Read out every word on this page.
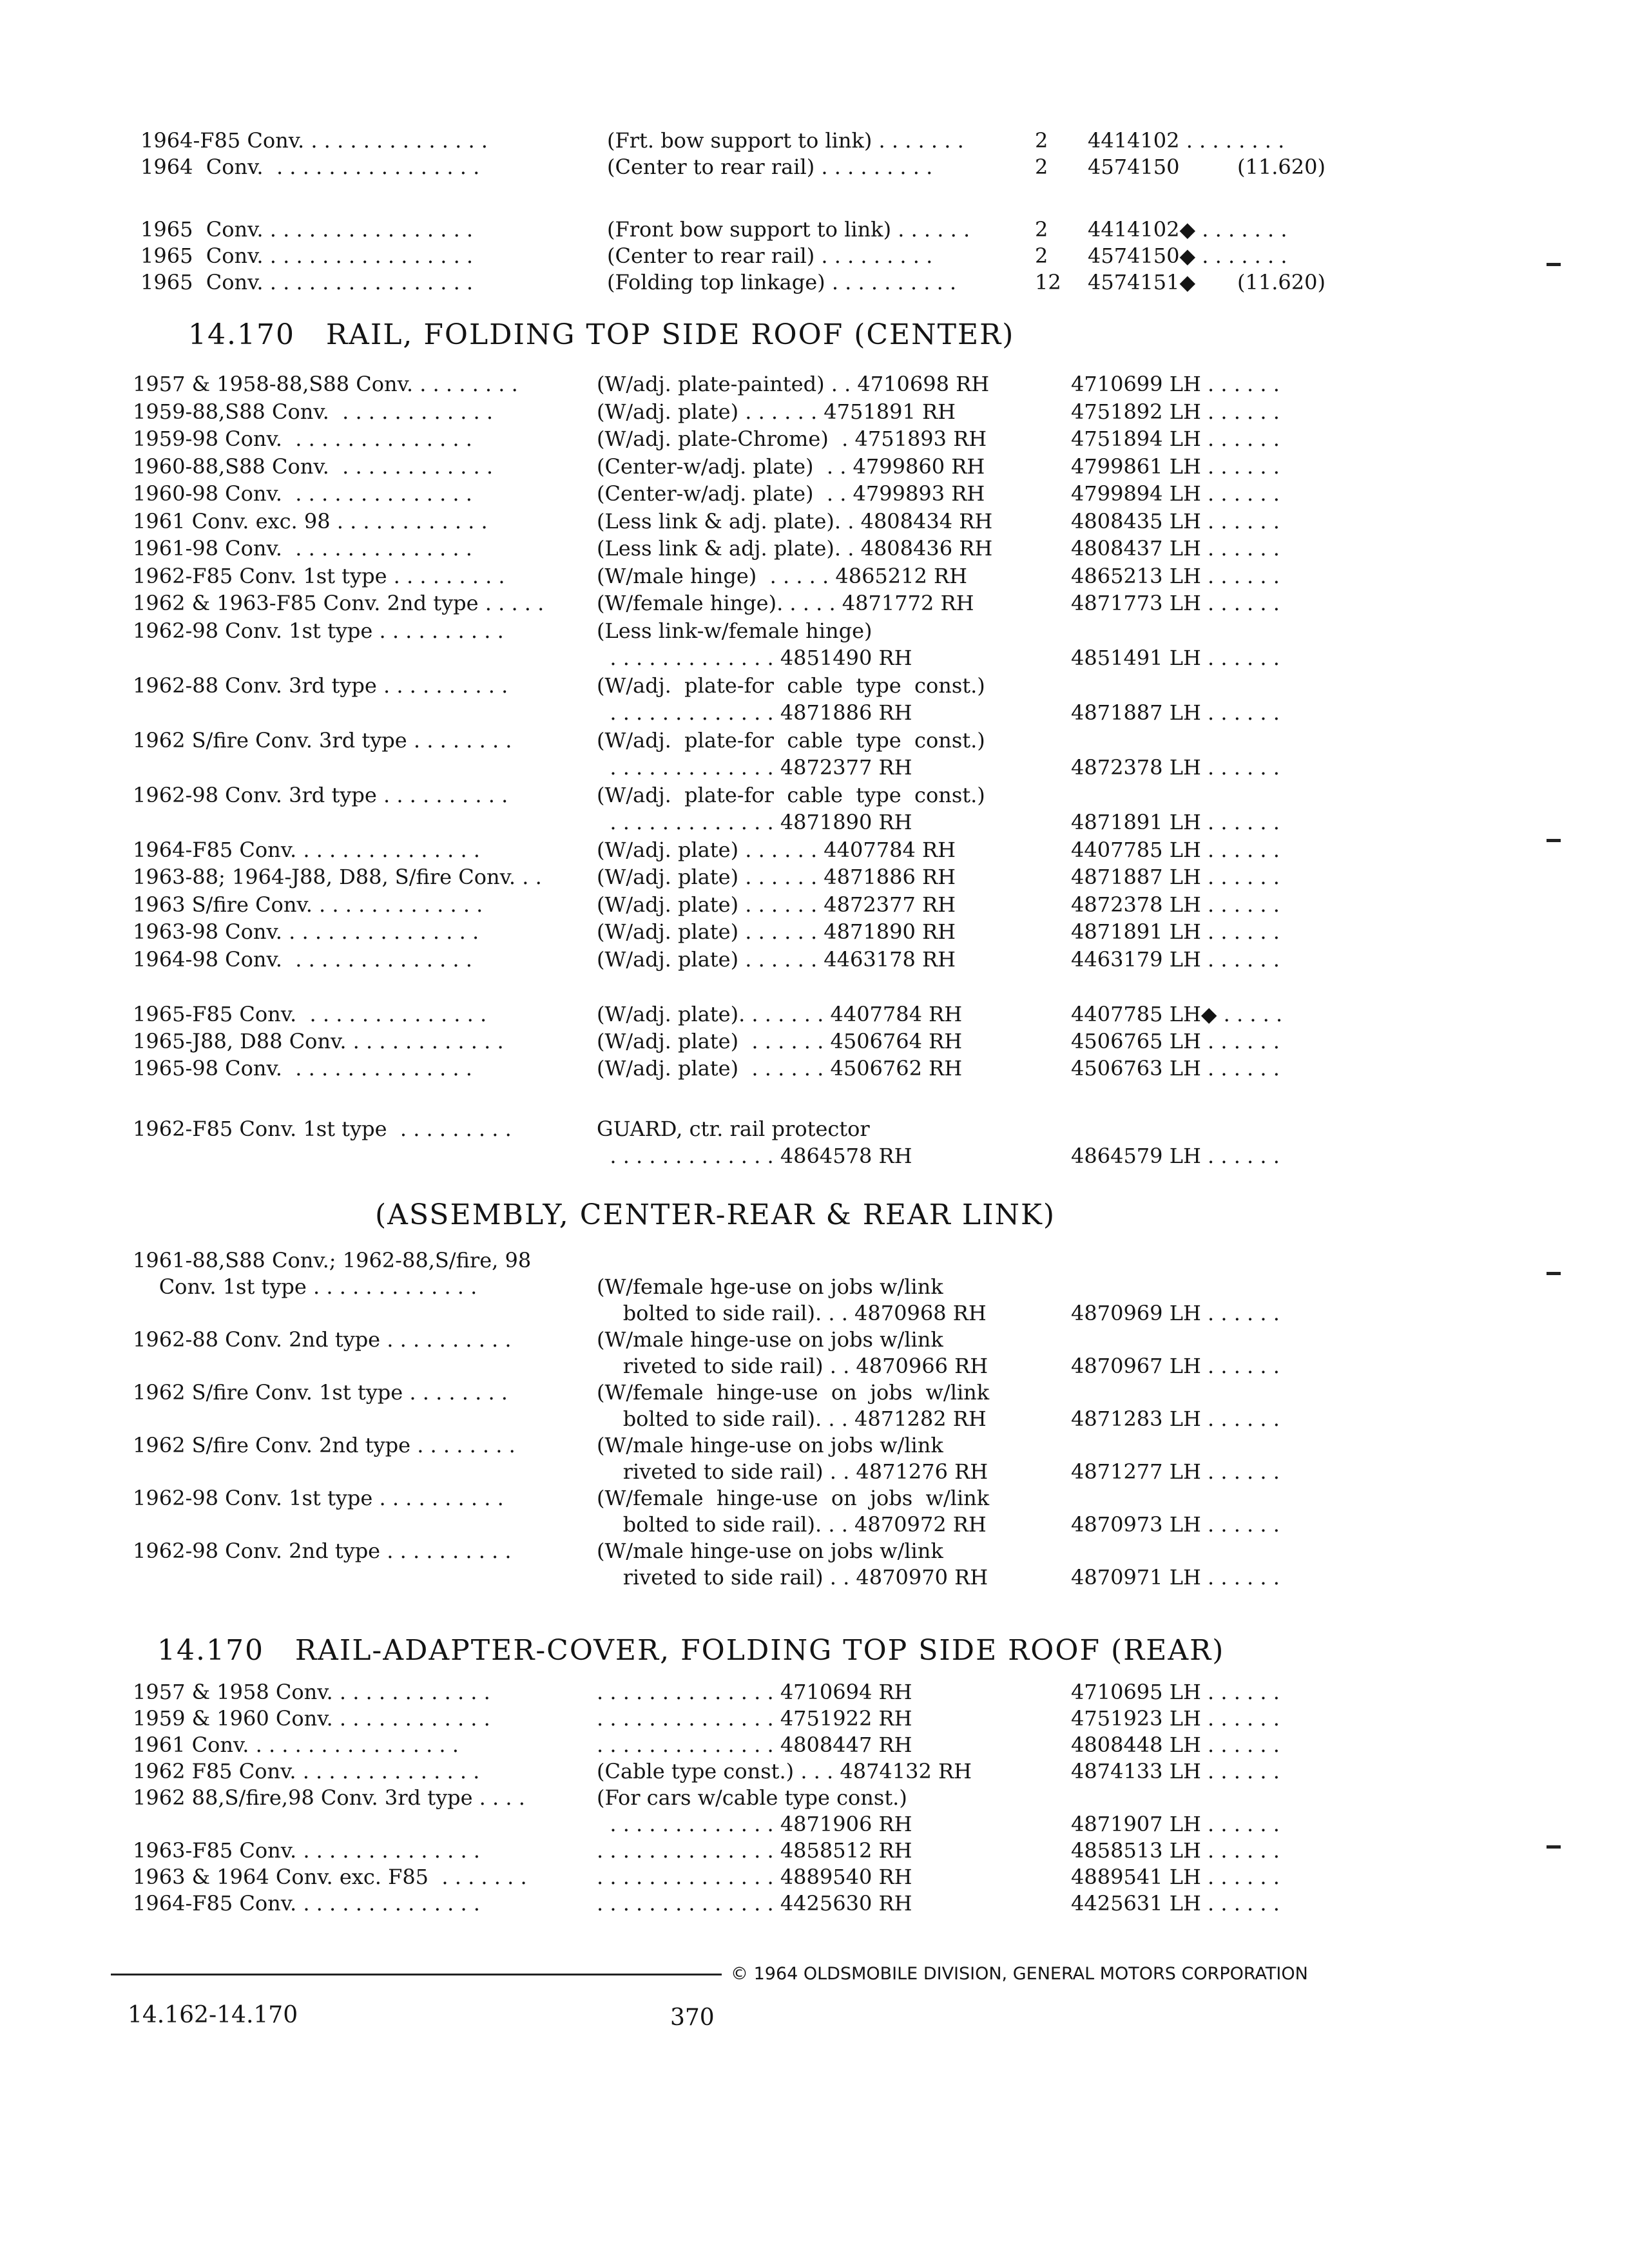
1964-F85 Conv. . . . . . . . . . . . . . .	(Frt. bow support to link) . . . . . . .	2 4414102 . . . . . . . .
1964  Conv.  . . . . . . . . . . . . . . . .	(Center to rear rail) . . . . . . . . .	2 4574150	(11.620)
1965  Conv. . . . . . . . . . . . . . . . .	(Front bow support to link) . . . . . .	2 4414102◆ . . . . . . .
1965  Conv. . . . . . . . . . . . . . . . .	(Center to rear rail) . . . . . . . . .	2 4574150◆ . . . . . . .
1965  Conv. . . . . . . . . . . . . . . . .	(Folding top linkage) . . . . . . . . . .	12 4574151◆ (11.620)
14.170   RAIL, FOLDING TOP SIDE ROOF (CENTER)
1957 & 1958-88,S88 Conv. . . . . . . . .	(W/adj. plate-painted) . . 4710698 RH	4710699 LH . . . . . .
1959-88,S88 Conv.  . . . . . . . . . . . .	(W/adj. plate) . . . . . . 4751891 RH	4751892 LH . . . . . .
1959-98 Conv.  . . . . . . . . . . . . . .	(W/adj. plate-Chrome)  . 4751893 RH	4751894 LH . . . . . .
1960-88,S88 Conv.  . . . . . . . . . . . .	(Center-w/adj. plate)  . . 4799860 RH	4799861 LH . . . . . .
1960-98 Conv.  . . . . . . . . . . . . . .	(Center-w/adj. plate)  . . 4799893 RH	4799894 LH . . . . . .
1961 Conv. exc. 98 . . . . . . . . . . . .	(Less link & adj. plate). . 4808434 RH	4808435 LH . . . . . .
1961-98 Conv.  . . . . . . . . . . . . . .	(Less link & adj. plate). . 4808436 RH	4808437 LH . . . . . .
1962-F85 Conv. 1st type . . . . . . . . .	(W/male hinge)  . . . . . 4865212 RH	4865213 LH . . . . . .
1962 & 1963-F85 Conv. 2nd type . . . . .	(W/female hinge). . . . . 4871772 RH	4871773 LH . . . . . .
1962-98 Conv. 1st type . . . . . . . . . .	(Less link-w/female hinge)
. . . . . . . . . . . . . 4851490 RH	4851491 LH . . . . . .
1962-88 Conv. 3rd type . . . . . . . . . .	(W/adj.  plate-for  cable  type  const.)
. . . . . . . . . . . . . 4871886 RH	4871887 LH . . . . . .
1962 S/fire Conv. 3rd type . . . . . . . .	(W/adj.  plate-for  cable  type  const.)
. . . . . . . . . . . . . 4872377 RH	4872378 LH . . . . . .
1962-98 Conv. 3rd type . . . . . . . . . .	(W/adj.  plate-for  cable  type  const.)
. . . . . . . . . . . . . 4871890 RH	4871891 LH . . . . . .
1964-F85 Conv. . . . . . . . . . . . . . .	(W/adj. plate) . . . . . . 4407784 RH	4407785 LH . . . . . .
1963-88; 1964-J88, D88, S/fire Conv. . .	(W/adj. plate) . . . . . . 4871886 RH	4871887 LH . . . . . .
1963 S/fire Conv. . . . . . . . . . . . . .	(W/adj. plate) . . . . . . 4872377 RH	4872378 LH . . . . . .
1963-98 Conv. . . . . . . . . . . . . . . .	(W/adj. plate) . . . . . . 4871890 RH	4871891 LH . . . . . .
1964-98 Conv.  . . . . . . . . . . . . . .	(W/adj. plate) . . . . . . 4463178 RH	4463179 LH . . . . . .
1965-F85 Conv.  . . . . . . . . . . . . . .	(W/adj. plate). . . . . . . 4407784 RH	4407785 LH◆ . . . . .
1965-J88, D88 Conv. . . . . . . . . . . . .	(W/adj. plate)  . . . . . . 4506764 RH	4506765 LH . . . . . .
1965-98 Conv.  . . . . . . . . . . . . . .	(W/adj. plate)  . . . . . . 4506762 RH	4506763 LH . . . . . .
1962-F85 Conv. 1st type  . . . . . . . . .	GUARD, ctr. rail protector
. . . . . . . . . . . . . 4864578 RH	4864579 LH . . . . . .
(ASSEMBLY, CENTER-REAR & REAR LINK)
1961-88,S88 Conv.; 1962-88,S/fire, 98
Conv. 1st type . . . . . . . . . . . . .	(W/female hge-use on jobs w/link
bolted to side rail). . . 4870968 RH	4870969 LH . . . . . .
1962-88 Conv. 2nd type . . . . . . . . . .	(W/male hinge-use on jobs w/link
riveted to side rail) . . 4870966 RH	4870967 LH . . . . . .
1962 S/fire Conv. 1st type . . . . . . . .	(W/female  hinge-use  on  jobs  w/link
bolted to side rail). . . 4871282 RH	4871283 LH . . . . . .
1962 S/fire Conv. 2nd type . . . . . . . .	(W/male hinge-use on jobs w/link
riveted to side rail) . . 4871276 RH	4871277 LH . . . . . .
1962-98 Conv. 1st type . . . . . . . . . .	(W/female  hinge-use  on  jobs  w/link
bolted to side rail). . . 4870972 RH	4870973 LH . . . . . .
1962-98 Conv. 2nd type . . . . . . . . . .	(W/male hinge-use on jobs w/link
riveted to side rail) . . 4870970 RH	4870971 LH . . . . . .
14.170   RAIL-ADAPTER-COVER, FOLDING TOP SIDE ROOF (REAR)
1957 & 1958 Conv. . . . . . . . . . . . .	. . . . . . . . . . . . . . 4710694 RH	4710695 LH . . . . . .
1959 & 1960 Conv. . . . . . . . . . . . .	. . . . . . . . . . . . . . 4751922 RH	4751923 LH . . . . . .
1961 Conv. . . . . . . . . . . . . . . . .	. . . . . . . . . . . . . . 4808447 RH	4808448 LH . . . . . .
1962 F85 Conv. . . . . . . . . . . . . . .	(Cable type const.) . . . 4874132 RH	4874133 LH . . . . . .
1962 88,S/fire,98 Conv. 3rd type . . . .	(For cars w/cable type const.)
. . . . . . . . . . . . . 4871906 RH	4871907 LH . . . . . .
1963-F85 Conv. . . . . . . . . . . . . . .	. . . . . . . . . . . . . . 4858512 RH	4858513 LH . . . . . .
1963 & 1964 Conv. exc. F85  . . . . . . .	. . . . . . . . . . . . . . 4889540 RH	4889541 LH . . . . . .
1964-F85 Conv. . . . . . . . . . . . . . .	. . . . . . . . . . . . . . 4425630 RH	4425631 LH . . . . . .
© 1964 OLDSMOBILE DIVISION, GENERAL MOTORS CORPORATION
14.162-14.170	370
